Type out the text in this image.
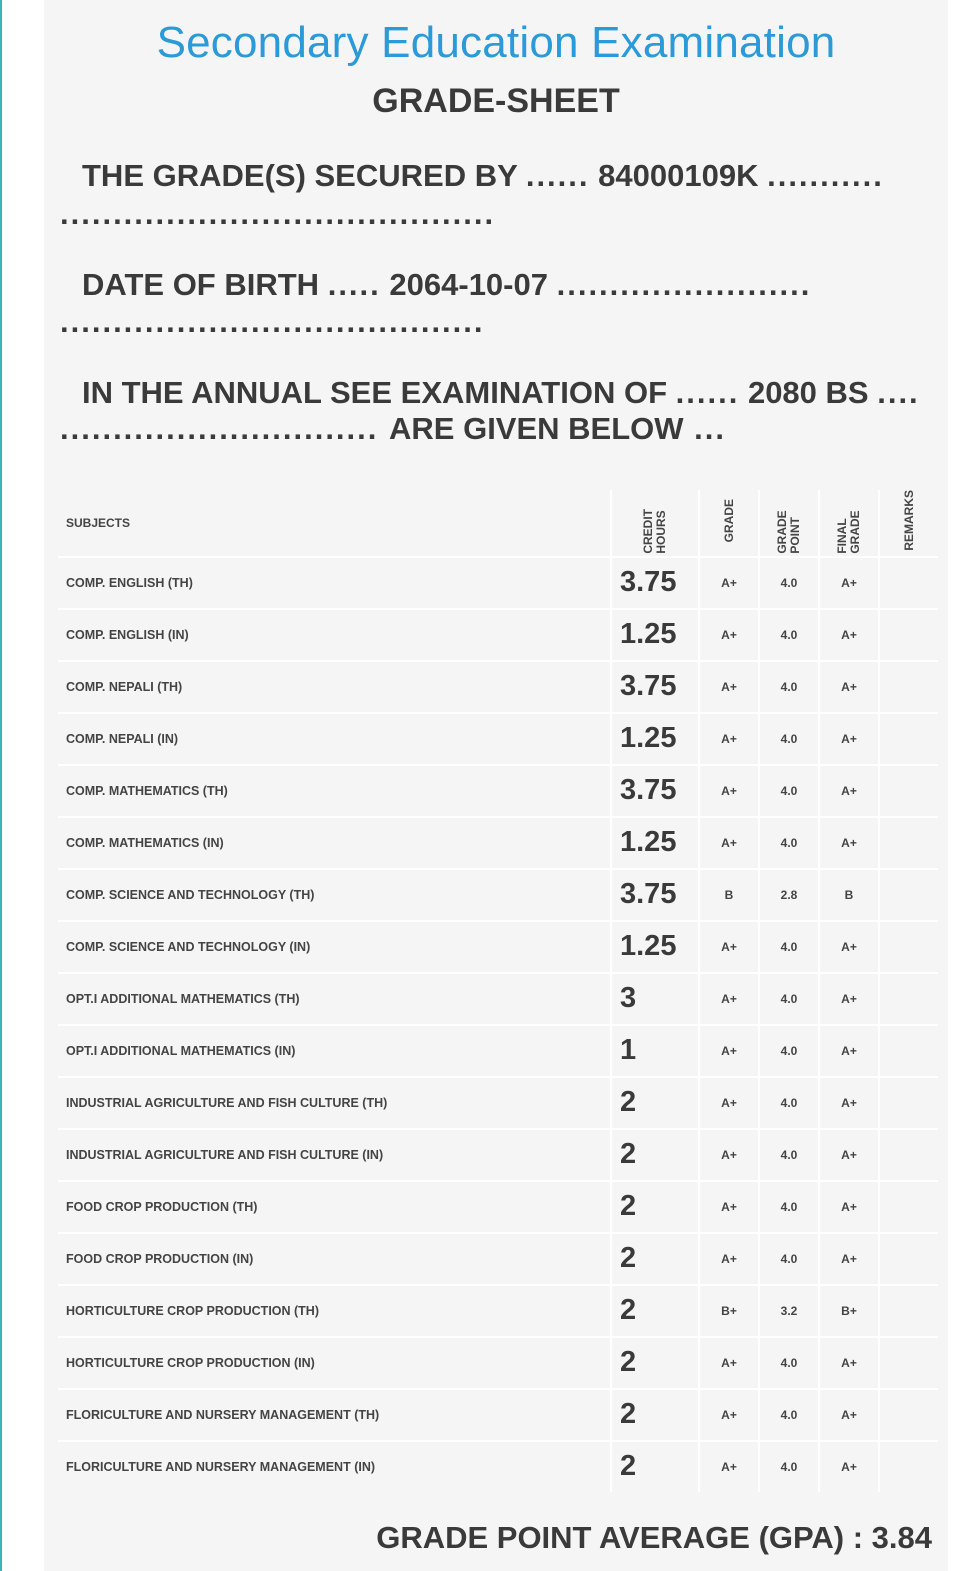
Secondary Education Examination
GRADE-SHEET
THE GRADE(S) SECURED BY ...... 84000109K ...........
.........................................
DATE OF BIRTH ..... 2064-10-07 ........................
........................................
IN THE ANNUAL SEE EXAMINATION OF ...... 2080 BS ....
.............................. ARE GIVEN BELOW ...
SUBJECTS	CREDIT HOURS	GRADE	GRADE POINT	FINAL GRADE	REMARKS
COMP. ENGLISH (TH)	3.75	A+	4.0	A+	
COMP. ENGLISH (IN)	1.25	A+	4.0	A+	
COMP. NEPALI (TH)	3.75	A+	4.0	A+	
COMP. NEPALI (IN)	1.25	A+	4.0	A+	
COMP. MATHEMATICS (TH)	3.75	A+	4.0	A+	
COMP. MATHEMATICS (IN)	1.25	A+	4.0	A+	
COMP. SCIENCE AND TECHNOLOGY (TH)	3.75	B	2.8	B	
COMP. SCIENCE AND TECHNOLOGY (IN)	1.25	A+	4.0	A+	
OPT.I ADDITIONAL MATHEMATICS (TH)	3	A+	4.0	A+	
OPT.I ADDITIONAL MATHEMATICS (IN)	1	A+	4.0	A+	
INDUSTRIAL AGRICULTURE AND FISH CULTURE (TH)	2	A+	4.0	A+	
INDUSTRIAL AGRICULTURE AND FISH CULTURE (IN)	2	A+	4.0	A+	
FOOD CROP PRODUCTION (TH)	2	A+	4.0	A+	
FOOD CROP PRODUCTION (IN)	2	A+	4.0	A+	
HORTICULTURE CROP PRODUCTION (TH)	2	B+	3.2	B+	
HORTICULTURE CROP PRODUCTION (IN)	2	A+	4.0	A+	
FLORICULTURE AND NURSERY MANAGEMENT (TH)	2	A+	4.0	A+	
FLORICULTURE AND NURSERY MANAGEMENT (IN)	2	A+	4.0	A+	
GRADE POINT AVERAGE (GPA) : 3.84
